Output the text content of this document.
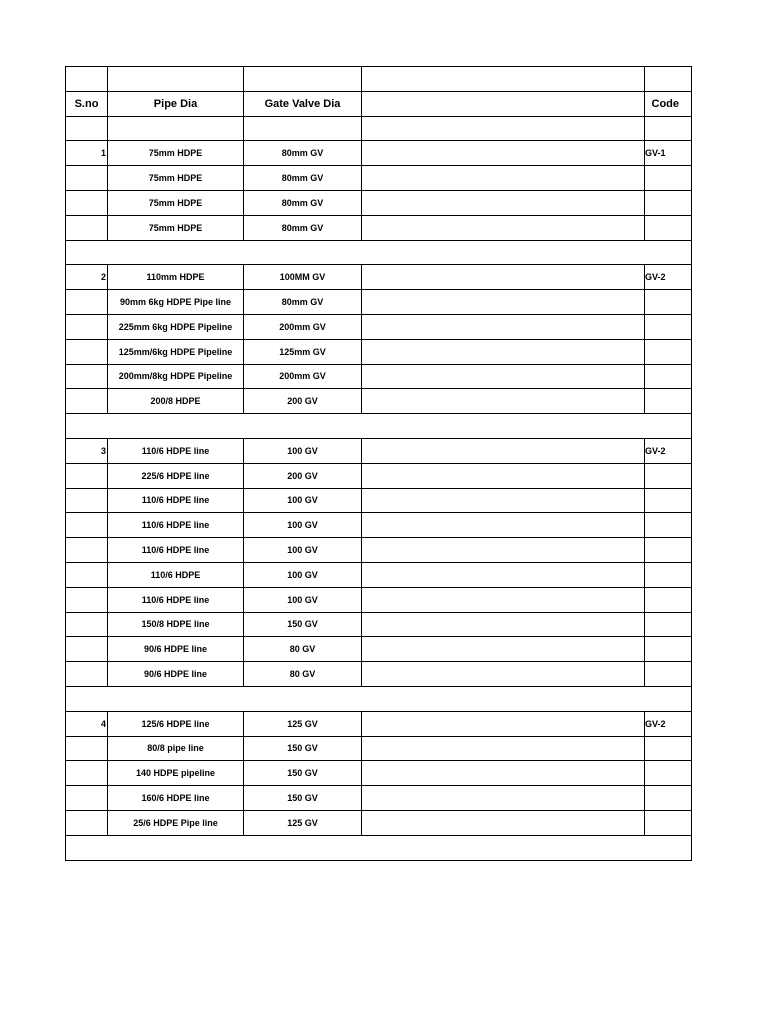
S.no	Pipe Dia	Gate Valve Dia		Code

1	75mm HDPE	80mm GV		GV-1
	75mm HDPE	80mm GV		
	75mm HDPE	80mm GV		
	75mm HDPE	80mm GV		

2	110mm HDPE	100MM GV		GV-2
	90mm 6kg HDPE Pipe line	80mm GV		
	225mm 6kg HDPE Pipeline	200mm GV		
	125mm/6kg HDPE Pipeline	125mm GV		
	200mm/8kg HDPE Pipeline	200mm GV		
	200/8 HDPE	200 GV		

3	110/6 HDPE line	100 GV		GV-2
	225/6 HDPE line	200 GV		
	110/6 HDPE line	100 GV		
	110/6 HDPE line	100 GV		
	110/6 HDPE line	100 GV		
	110/6 HDPE	100 GV		
	110/6 HDPE line	100 GV		
	150/8 HDPE line	150 GV		
	90/6 HDPE line	80 GV		
	90/6 HDPE line	80 GV		

4	125/6 HDPE line	125 GV		GV-2
	80/8 pipe line	150 GV		
	140 HDPE pipeline	150 GV		
	160/6 HDPE line	150 GV		
	25/6 HDPE Pipe line	125 GV		
